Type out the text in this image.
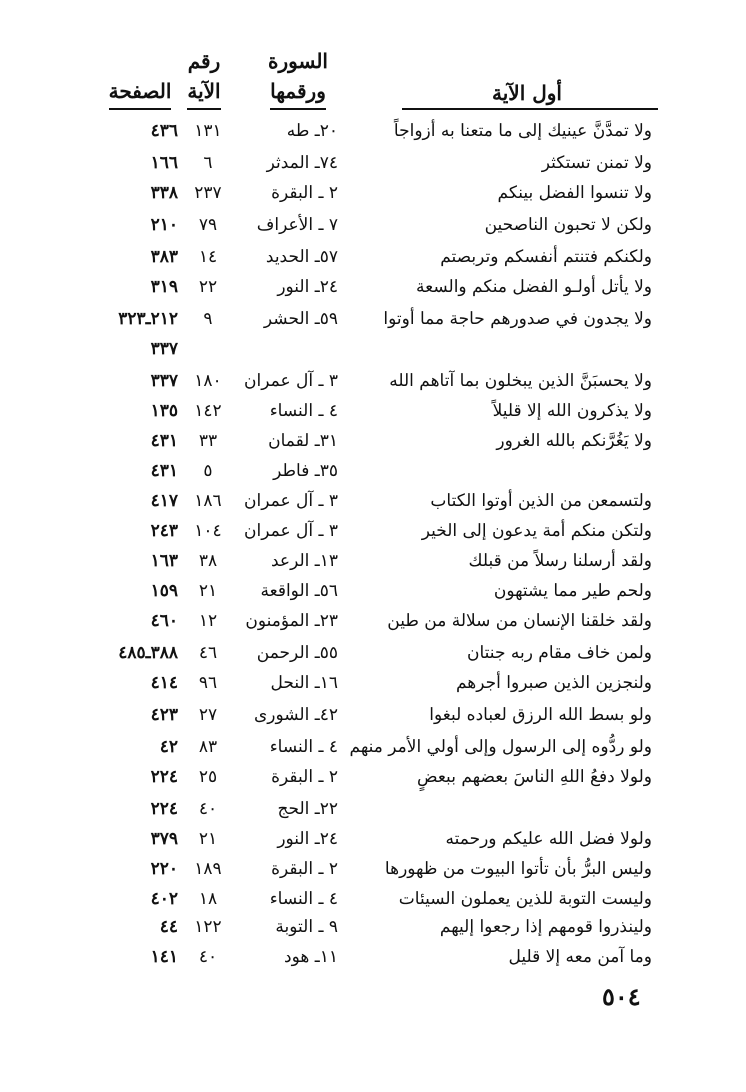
أول الآية
السورة
ورقمها
رقم
الآية
الصفحة
ولا تمدَّنَّ عينيك إلى ما متعنا به أزواجاً
٢٠ـ طه
١٣١
٤٣٦
ولا تمنن تستكثر
٧٤ـ المدثر
٦
١٦٦
ولا تنسوا الفضل بينكم
٢ ـ البقرة
٢٣٧
٣٣٨
ولكن لا تحبون الناصحين
٧ ـ الأعراف
٧٩
٢١٠
ولكنكم فتنتم أنفسكم وتربصتم
٥٧ـ الحديد
١٤
٣٨٣
ولا يأتل أولـو الفضل منكم والسعة
٢٤ـ النور
٢٢
٣١٩
ولا يجدون في صدورهم حاجة مما أوتوا
٥٩ـ الحشر
٩
٢١٢ـ٣٢٣
٣٣٧
ولا يحسبَنَّ الذين يبخلون بما آتاهم الله
٣ ـ آل عمران
١٨٠
٣٣٧
ولا يذكرون الله إلا قليلاً
٤ ـ النساء
١٤٢
١٣٥
ولا يَغُرَّنكم بالله الغرور
٣١ـ لقمان
٣٣
٤٣١
٣٥ـ فاطر
٥
٤٣١
ولتسمعن من الذين أوتوا الكتاب
٣ ـ آل عمران
١٨٦
٤١٧
ولتكن منكم أمة يدعون إلى الخير
٣ ـ آل عمران
١٠٤
٢٤٣
ولقد أرسلنا رسلاً من قبلك
١٣ـ الرعد
٣٨
١٦٣
ولحم طير مما يشتهون
٥٦ـ الواقعة
٢١
١٥٩
ولقد خلقنا الإنسان من سلالة من طين
٢٣ـ المؤمنون
١٢
٤٦٠
ولمن خاف مقام ربه جنتان
٥٥ـ الرحمن
٤٦
٣٨٨ـ٤٨٥
ولنجزين الذين صبروا أجرهم
١٦ـ النحل
٩٦
٤١٤
ولو بسط الله الرزق لعباده لبغوا
٤٢ـ الشورى
٢٧
٤٢٣
ولو ردُّوه إلى الرسول وإلى أولي الأمر منهم
٤ ـ النساء
٨٣
٤٢
ولولا دفعُ اللهِ الناسَ بعضهم ببعضٍ
٢ ـ البقرة
٢٥
٢٢٤
٢٢ـ الحج
٤٠
٢٢٤
ولولا فضل الله عليكم ورحمته
٢٤ـ النور
٢١
٣٧٩
وليس البرُّ بأن تأتوا البيوت من ظهورها
٢ ـ البقرة
١٨٩
٢٢٠
وليست التوبة للذين يعملون السيئات
٤ ـ النساء
١٨
٤٠٢
ولينذروا قومهم إذا رجعوا إليهم
٩ ـ التوبة
١٢٢
٤٤
وما آمن معه إلا قليل
١١ـ هود
٤٠
١٤١
٥٠٤
